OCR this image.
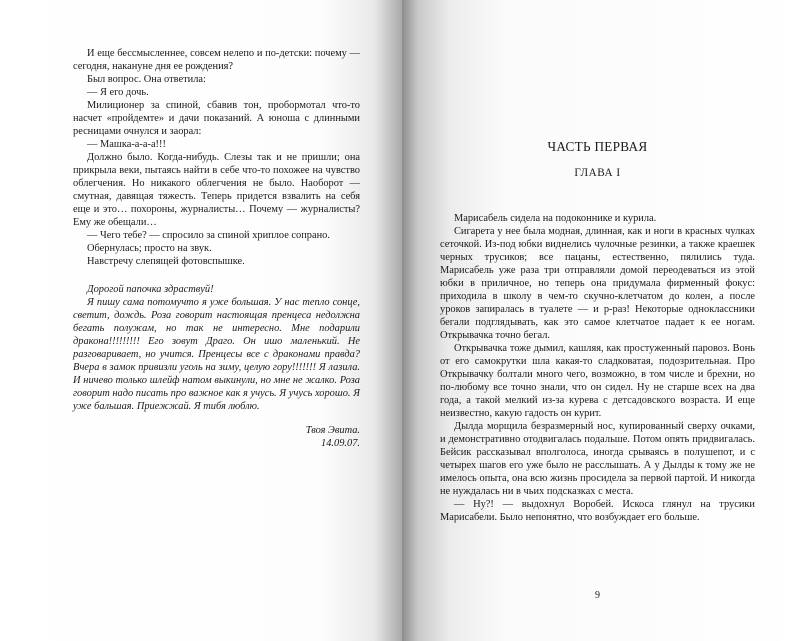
И еще бессмысленнее, совсем нелепо и по-детски: почему — сегодня, накануне дня ее рождения?

Был вопрос. Она ответила:

— Я его дочь.

Милиционер за спиной, сбавив тон, пробормотал что-то насчет «пройдемте» и дачи показаний. А юноша с длинными ресницами очнулся и заорал:

— Машка-а-а-а!!!

Должно было. Когда-нибудь. Слезы так и не пришли; она прикрыла веки, пытаясь найти в себе что-то похожее на чувство облегчения. Но никакого облегчения не было. Наоборот — смутная, давящая тяжесть. Теперь придется взвалить на себя еще и это… похороны, журналисты… Почему — журналисты? Ему же обещали…

— Чего тебе? — спросило за спиной хриплое сопрано.

Обернулась; просто на звук.

Навстречу слепящей фотовспышке.

Дорогой папочка здраствуй!

Я пишу сама потомучто я уже большая. У нас тепло сонце, светит, дождь. Роза говорит настоящая пренцеса недолжна бегать полужам, но так не интересно. Мне подарили дракона!!!!!!!!! Его зовут Драго. Он ишо маленький. Не разговаривает, но учится. Пренцесы все с драконами правда? Вчера в замок привизли уголь на зиму, целую гору!!!!!!! Я лазила. И ничево только шлейф натом выкинули, но мне не жалко. Роза говорит надо писать про важное как я учусь. Я учусь хорошо. Я уже бальшая. Приежжай. Я тибя люблю.

Твоя Эвита.

14.09.07.

ЧАСТЬ ПЕРВАЯ
ГЛАВА I

Марисабель сидела на подоконнике и курила.

Сигарета у нее была модная, длинная, как и ноги в красных чулках сеточкой. Из-под юбки виднелись чулочные резинки, а также краешек черных трусиков; все пацаны, естественно, пялились туда. Марисабель уже раза три отправляли домой переодеваться из этой юбки в приличное, но теперь она придумала фирменный фокус: приходила в школу в чем-то скучно-клетчатом до колен, а после уроков запиралась в туалете — и р-раз! Некоторые одноклассники бегали подглядывать, как это самое клетчатое падает к ее ногам. Открывачка точно бегал.

Открывачка тоже дымил, кашляя, как простуженный паровоз. Вонь от его самокрутки шла какая-то сладковатая, подозрительная. Про Открывачку болтали много чего, возможно, в том числе и брехни, но по-любому все точно знали, что он сидел. Ну не старше всех на два года, а такой мелкий из-за курева с детсадовского возраста. И еще неизвестно, какую гадость он курит.

Дылда морщила безразмерный нос, купированный сверху очками, и демонстративно отодвигалась подальше. Потом опять придвигалась. Бейсик рассказывал вполголоса, иногда срываясь в полушепот, и с четырех шагов его уже было не расслышать. А у Дылды к тому же не имелось опыта, она всю жизнь просидела за первой партой. И никогда не нуждалась ни в чьих подсказках с места.

— Ну?! — выдохнул Воробей. Искоса глянул на трусики Марисабели. Было непонятно, что возбуждает его больше.

9
